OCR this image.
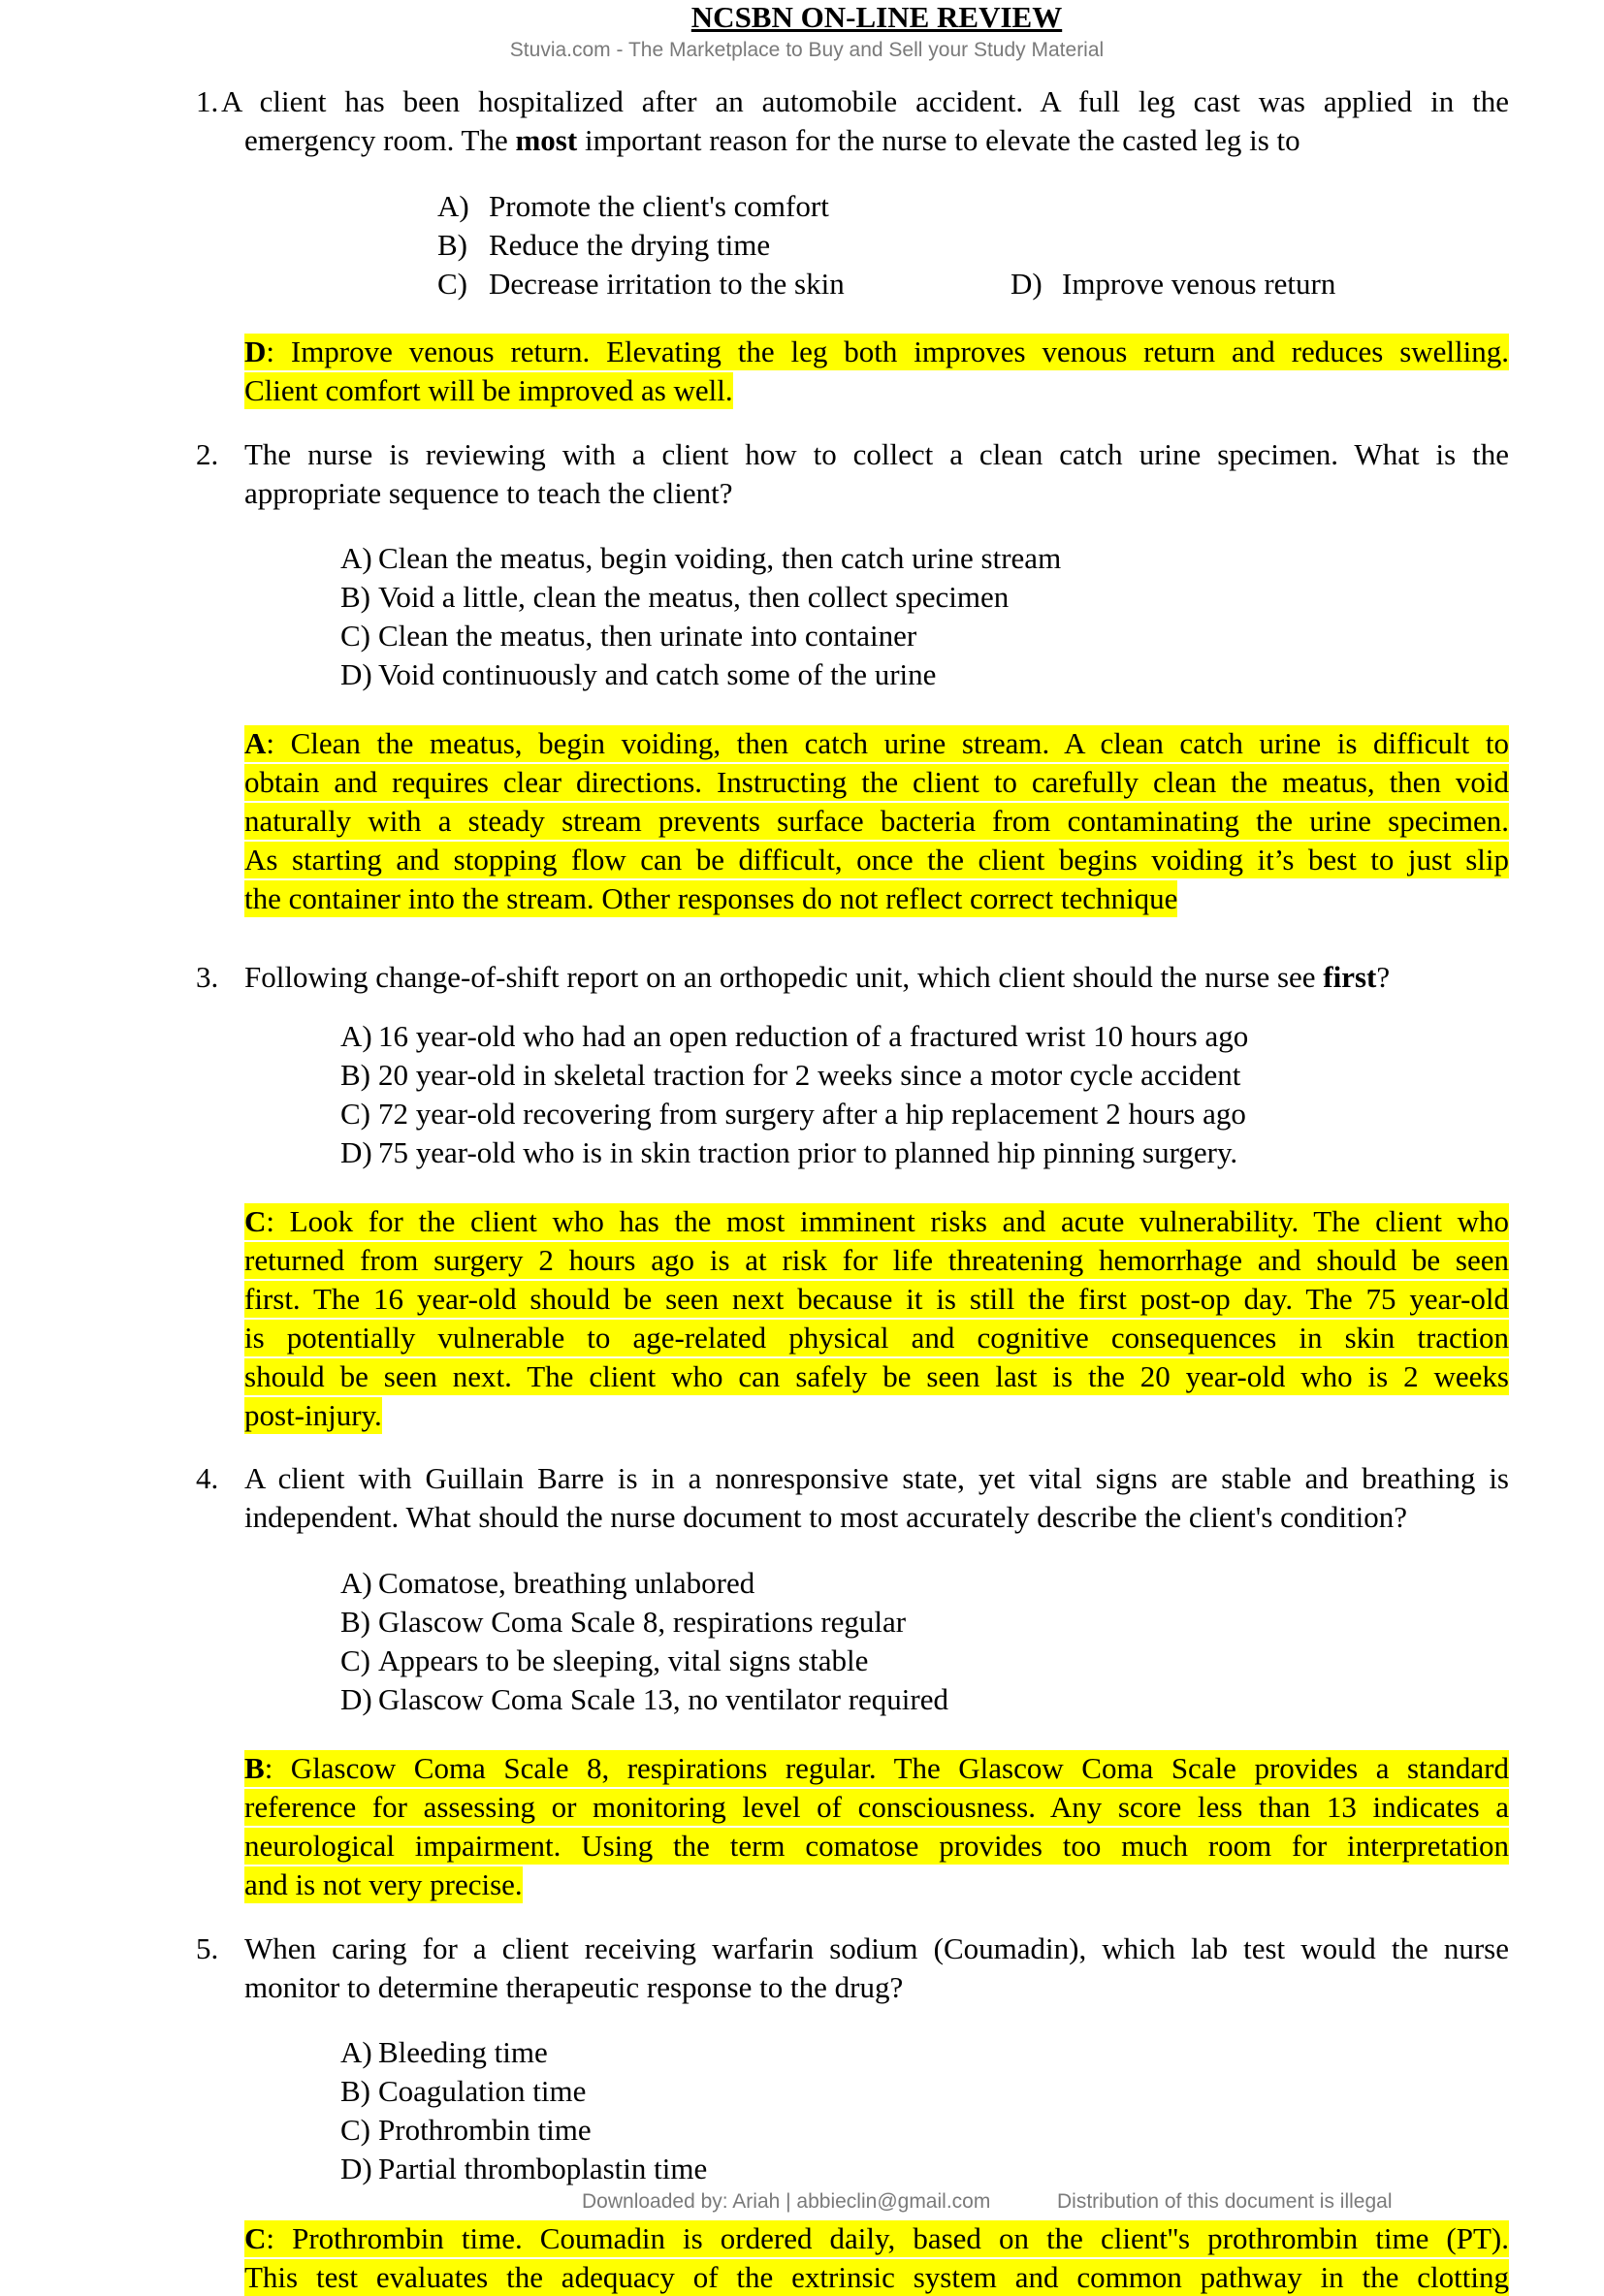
NCSBN ON-LINE REVIEW
Stuvia.com - The Marketplace to Buy and Sell your Study Material
1. A client has been hospitalized after an automobile accident. A full leg cast was applied in the
emergency room. The most important reason for the nurse to elevate the casted leg is to
A) Promote the client's comfort
B) Reduce the drying time
C) Decrease irritation to the skin	D) Improve venous return
D: Improve venous return. Elevating the leg both improves venous return and reduces swelling.
Client comfort will be improved as well.
2. The nurse is reviewing with a client how to collect a clean catch urine specimen. What is the
appropriate sequence to teach the client?
A) Clean the meatus, begin voiding, then catch urine stream
B) Void a little, clean the meatus, then collect specimen
C) Clean the meatus, then urinate into container
D) Void continuously and catch some of the urine
A: Clean the meatus, begin voiding, then catch urine stream. A clean catch urine is difficult to
obtain and requires clear directions. Instructing the client to carefully clean the meatus, then void
naturally with a steady stream prevents surface bacteria from contaminating the urine specimen.
As starting and stopping flow can be difficult, once the client begins voiding it’s best to just slip
the container into the stream. Other responses do not reflect correct technique
3. Following change-of-shift report on an orthopedic unit, which client should the nurse see first?
A) 16 year-old who had an open reduction of a fractured wrist 10 hours ago
B) 20 year-old in skeletal traction for 2 weeks since a motor cycle accident
C) 72 year-old recovering from surgery after a hip replacement 2 hours ago
D) 75 year-old who is in skin traction prior to planned hip pinning surgery.
C: Look for the client who has the most imminent risks and acute vulnerability. The client who
returned from surgery 2 hours ago is at risk for life threatening hemorrhage and should be seen
first. The 16 year-old should be seen next because it is still the first post-op day. The 75 year-old
is potentially vulnerable to age-related physical and cognitive consequences in skin traction
should be seen next. The client who can safely be seen last is the 20 year-old who is 2 weeks
post-injury.
4. A client with Guillain Barre is in a nonresponsive state, yet vital signs are stable and breathing is
independent. What should the nurse document to most accurately describe the client's condition?
A) Comatose, breathing unlabored
B) Glascow Coma Scale 8, respirations regular
C) Appears to be sleeping, vital signs stable
D) Glascow Coma Scale 13, no ventilator required
B: Glascow Coma Scale 8, respirations regular. The Glascow Coma Scale provides a standard
reference for assessing or monitoring level of consciousness. Any score less than 13 indicates a
neurological impairment. Using the term comatose provides too much room for interpretation
and is not very precise.
5. When caring for a client receiving warfarin sodium (Coumadin), which lab test would the nurse
monitor to determine therapeutic response to the drug?
A) Bleeding time
B) Coagulation time
C) Prothrombin time
D) Partial thromboplastin time
C: Prothrombin time. Coumadin is ordered daily, based on the client''s prothrombin time (PT).
This test evaluates the adequacy of the extrinsic system and common pathway in the clotting
Downloaded by: Ariah | abbieclin@gmail.com	Distribution of this document is illegal
